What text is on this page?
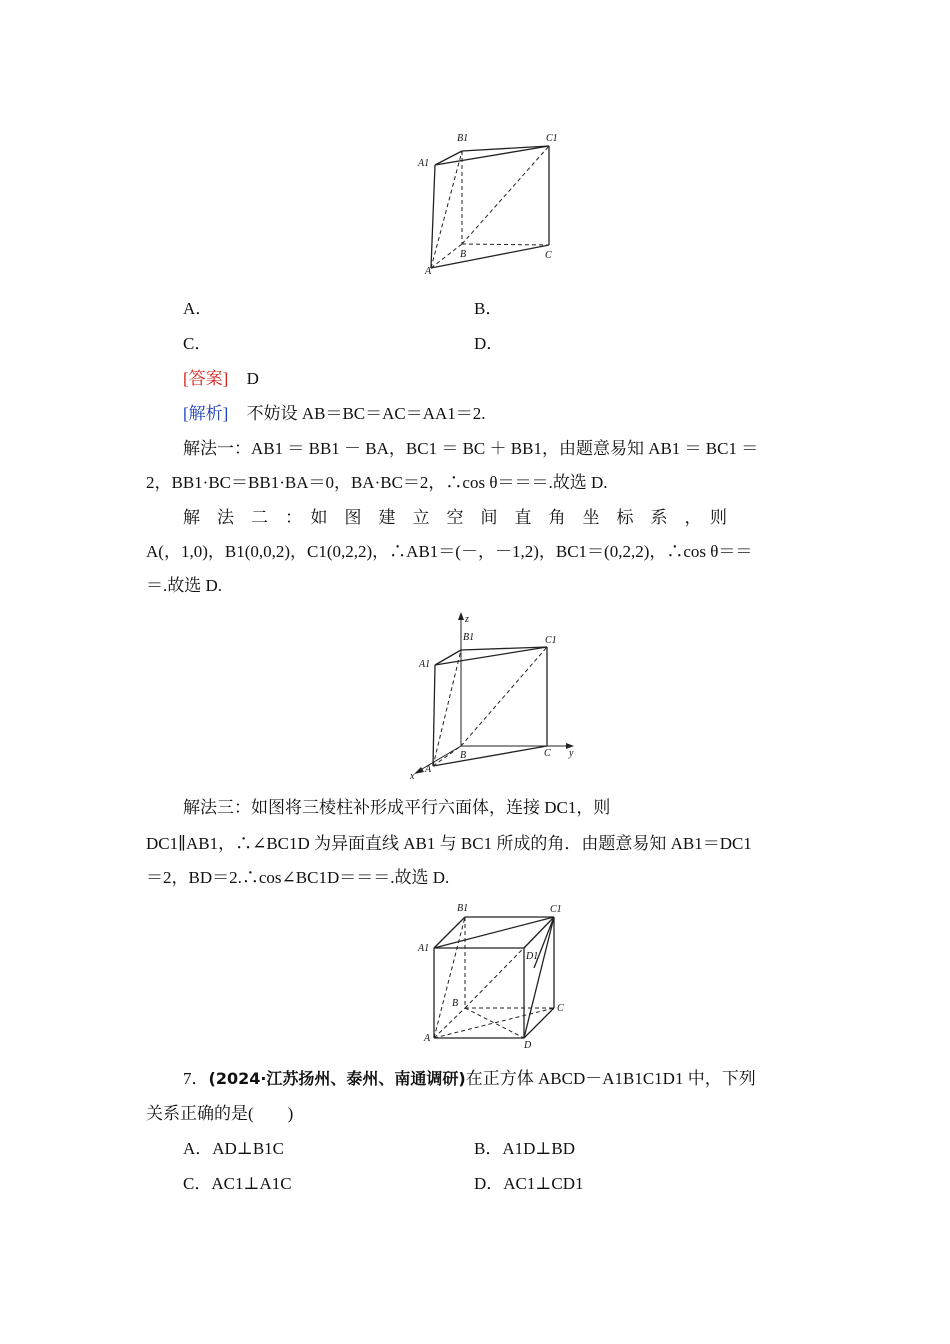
B1	C1
A1
B	C
A
A．	B．
C．	D．
[答案] D
[解析] 不妨设 AB＝BC＝AC＝AA1＝2.
解法一：AB1 ＝ BB1 － BA，BC1 ＝ BC ＋ BB1，由题意易知 AB1 ＝ BC1 ＝
2，BB1·BC＝BB1·BA＝0，BA·BC＝2，∴cos θ＝＝＝.故选 D.
解　法　二　：　如　图　建　立　空　间　直　角　坐　标　系　，　则
A(，1,0)，B1(0,0,2)，C1(0,2,2)，∴AB1＝(－，－1,2)，BC1＝(0,2,2)，∴cos θ＝＝
＝.故选 D.
z
B1	C1
A1
B	C
A
x
y
解法三：如图将三棱柱补形成平行六面体，连接 DC1，则
DC1∥AB1，∴∠BC1D 为异面直线 AB1 与 BC1 所成的角．由题意易知 AB1＝DC1
＝2，BD＝2.∴cos∠BC1D＝＝＝.故选 D.
B1	C1
A1
D1
B	C
A
D
7．(2024·江苏扬州、泰州、南通调研)在正方体 ABCD－A1B1C1D1 中，下列
关系正确的是(　　)
A．AD⊥B1C	B．A1D⊥BD
C．AC1⊥A1C	D．AC1⊥CD1
